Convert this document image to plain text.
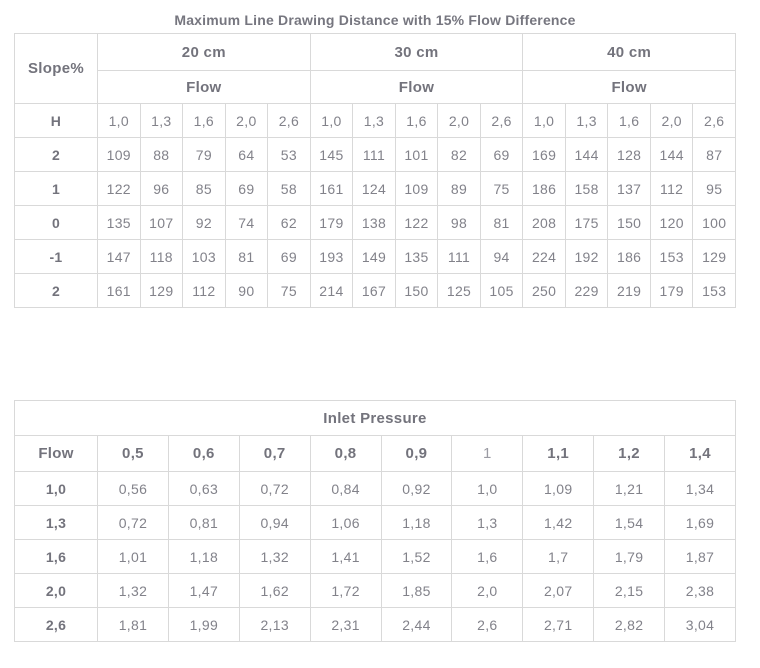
Maximum Line Drawing Distance with 15% Flow Difference
Slope%	20 cm					30 cm					40 cm				
	Flow					Flow					Flow				
H	1,0	1,3	1,6	2,0	2,6	1,0	1,3	1,6	2,0	2,6	1,0	1,3	1,6	2,0	2,6
2	109	88	79	64	53	145	111	101	82	69	169	144	128	144	87
1	122	96	85	69	58	161	124	109	89	75	186	158	137	112	95
0	135	107	92	74	62	179	138	122	98	81	208	175	150	120	100
-1	147	118	103	81	69	193	149	135	111	94	224	192	186	153	129
2	161	129	112	90	75	214	167	150	125	105	250	229	219	179	153
Inlet Pressure									
Flow	0,5	0,6	0,7	0,8	0,9	1	1,1	1,2	1,4
1,0	0,56	0,63	0,72	0,84	0,92	1,0	1,09	1,21	1,34
1,3	0,72	0,81	0,94	1,06	1,18	1,3	1,42	1,54	1,69
1,6	1,01	1,18	1,32	1,41	1,52	1,6	1,7	1,79	1,87
2,0	1,32	1,47	1,62	1,72	1,85	2,0	2,07	2,15	2,38
2,6	1,81	1,99	2,13	2,31	2,44	2,6	2,71	2,82	3,04
